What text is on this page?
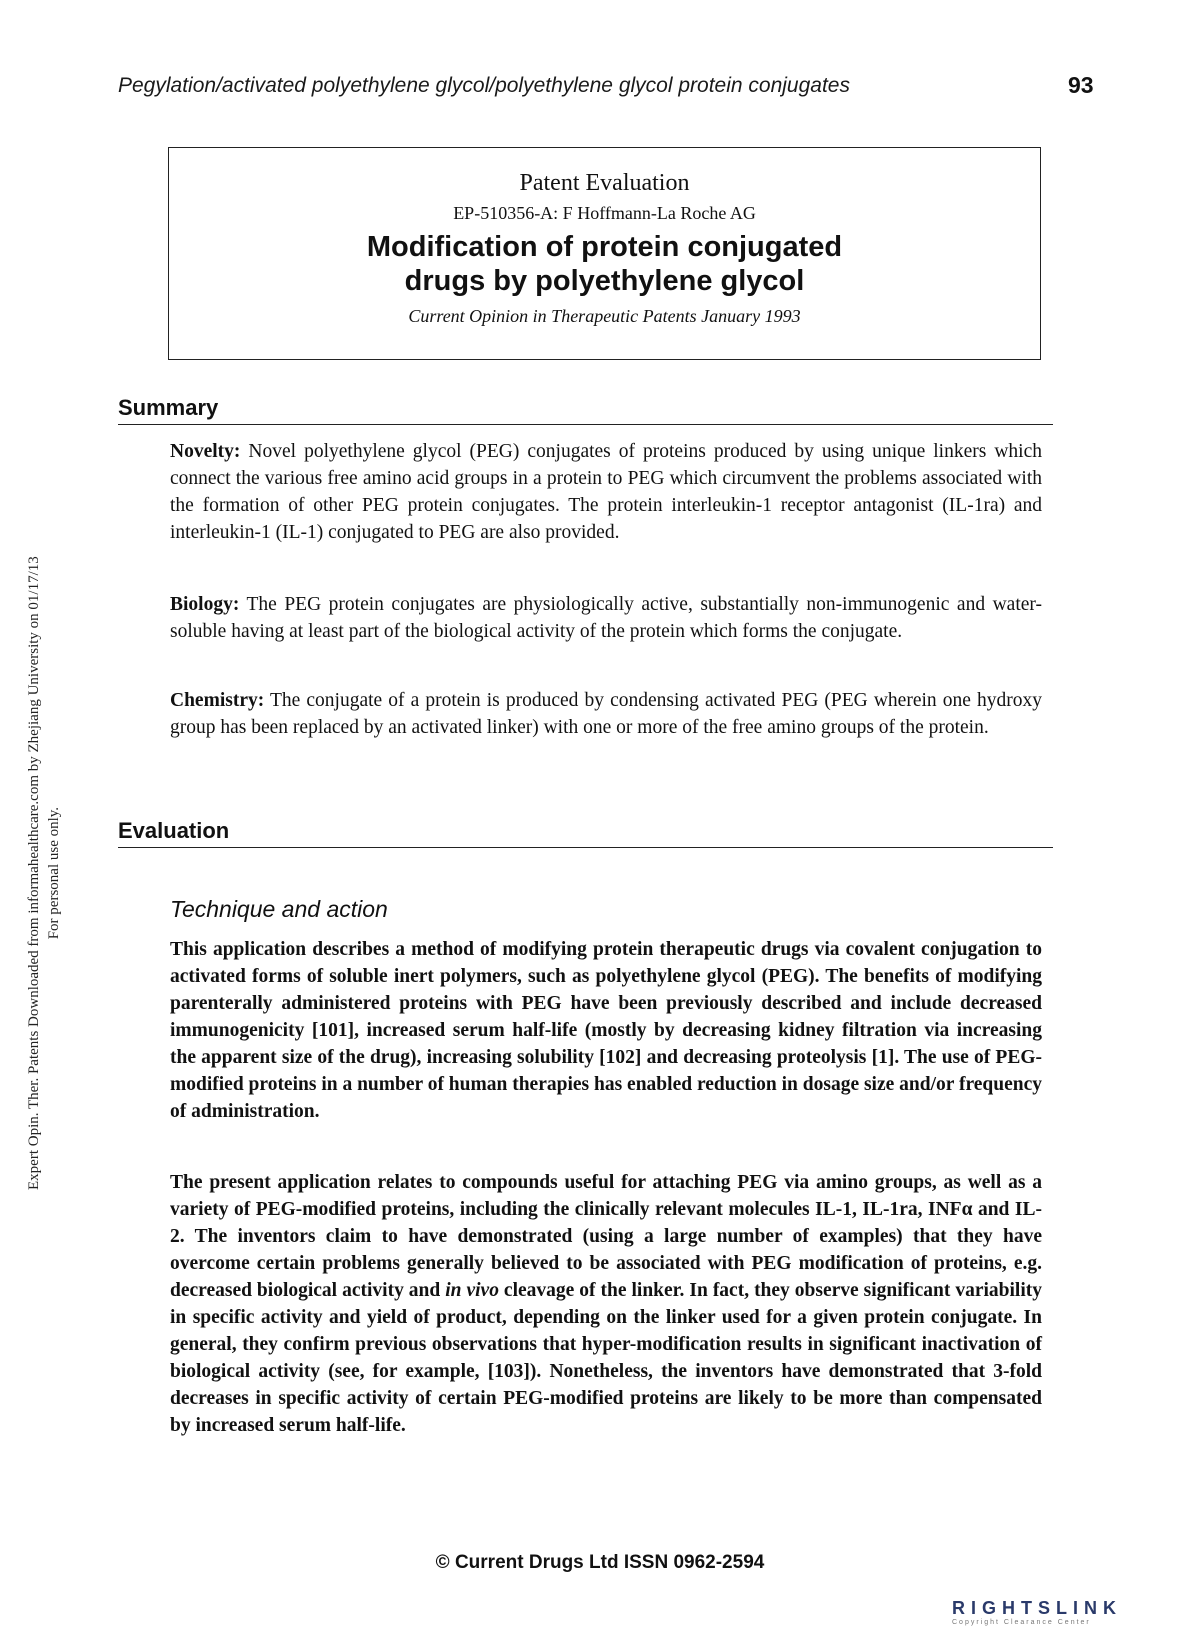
Pegylation/activated polyethylene glycol/polyethylene glycol protein conjugates	93
Patent Evaluation
EP-510356-A: F Hoffmann-La Roche AG
Modification of protein conjugated
drugs by polyethylene glycol
Current Opinion in Therapeutic Patents January 1993
Expert Opin. Ther. Patents Downloaded from informahealthcare.com by Zhejiang University on 01/17/13 For personal use only.
Summary

Novelty: Novel polyethylene glycol (PEG) conjugates of proteins produced by using unique linkers which connect the various free amino acid groups in a protein to PEG which circumvent the problems associated with the formation of other PEG protein conjugates. The protein interleukin-1 receptor antagonist (IL-1ra) and interleukin-1 (IL-1) conjugated to PEG are also provided.

Biology: The PEG protein conjugates are physiologically active, substantially non-immunogenic and water-soluble having at least part of the biological activity of the protein which forms the conjugate.

Chemistry: The conjugate of a protein is produced by condensing activated PEG (PEG wherein one hydroxy group has been replaced by an activated linker) with one or more of the free amino groups of the protein.

Evaluation
Technique and action

This application describes a method of modifying protein therapeutic drugs via covalent conjugation to activated forms of soluble inert polymers, such as polyethylene glycol (PEG). The benefits of modifying parenterally administered proteins with PEG have been previously described and include decreased immunogenicity [101], increased serum half-life (mostly by decreasing kidney filtration via increasing the apparent size of the drug), increasing solubility [102] and decreasing proteolysis [1]. The use of PEG-modified proteins in a number of human therapies has enabled reduction in dosage size and/or frequency of administration.

The present application relates to compounds useful for attaching PEG via amino groups, as well as a variety of PEG-modified proteins, including the clinically relevant molecules IL-1, IL-1ra, INFα and IL-2. The inventors claim to have demonstrated (using a large number of examples) that they have overcome certain problems generally believed to be associated with PEG modification of proteins, e.g. decreased biological activity and in vivo cleavage of the linker. In fact, they observe significant variability in specific activity and yield of product, depending on the linker used for a given protein conjugate. In general, they confirm previous observations that hyper-modification results in significant inactivation of biological activity (see, for example, [103]). Nonetheless, the inventors have demonstrated that 3-fold decreases in specific activity of certain PEG-modified proteins are likely to be more than compensated by increased serum half-life.

© Current Drugs Ltd ISSN 0962-2594
RIGHTSLINK
Copyright Clearance Center
